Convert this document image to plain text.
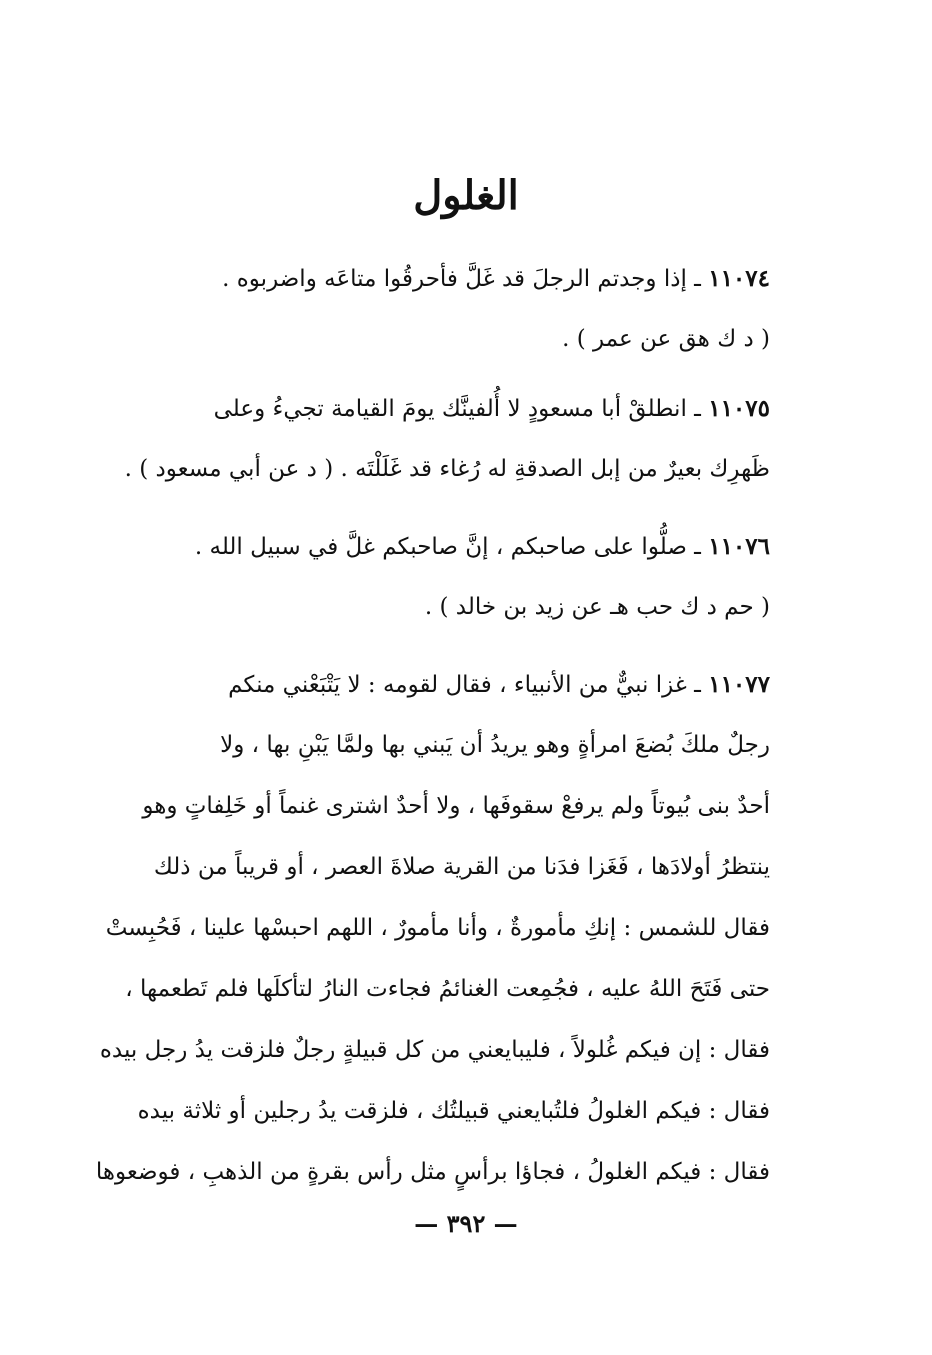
الغلول
١١٠٧٤ ـ إذا وجدتم الرجلَ قد غَلَّ فأحرقُوا متاعَه واضربوه .
( د ك هق عن عمر ) .
١١٠٧٥ ـ انطلقْ أبا مسعودٍ لا أُلفينَّك يومَ القيامة تجيءُ وعلى
ظَهرِك بعيرٌ من إبل الصدقةِ له رُغاء قد غَلَلْتَه . ( د عن أبي مسعود ) .
١١٠٧٦ ـ صلُّوا على صاحبكم ، إنَّ صاحبكم غلَّ في سبيل الله .
( حم د ك حب هـ عن زيد بن خالد ) .
١١٠٧٧ ـ غزا نبيٌّ من الأنبياء ، فقال لقومه : لا يَتْبَعْني منكم
رجلٌ ملكَ بُضعَ امرأةٍ وهو يريدُ أن يَبني بها ولمَّا يَبْنِ بها ، ولا
أحدٌ بنى بُيوتاً ولم يرفعْ سقوفَها ، ولا أحدٌ اشترى غنماً أو خَلِفاتٍ وهو
ينتظرُ أولادَها ، فَغَزا فدَنا من القرية صلاةَ العصر ، أو قريباً من ذلك
فقال للشمس : إنكِ مأمورةٌ ، وأنا مأمورٌ ، اللهم احبسْها علينا ، فَحُبِستْ
حتى فَتَحَ اللهُ عليه ، فجُمِعت الغنائمُ فجاءت النارُ لتأكلَها فلم تَطعمها ،
فقال : إن فيكم غُلولاً ، فليبايعني من كل قبيلةٍ رجلٌ فلزقت يدُ رجل بيده
فقال : فيكم الغلولُ فلتُبايعني قبيلتُك ، فلزقت يدُ رجلين أو ثلاثة بيده
فقال : فيكم الغلولُ ، فجاؤا برأسٍ مثل رأس بقرةٍ من الذهبِ ، فوضعوها
— ٣٩٢ —
